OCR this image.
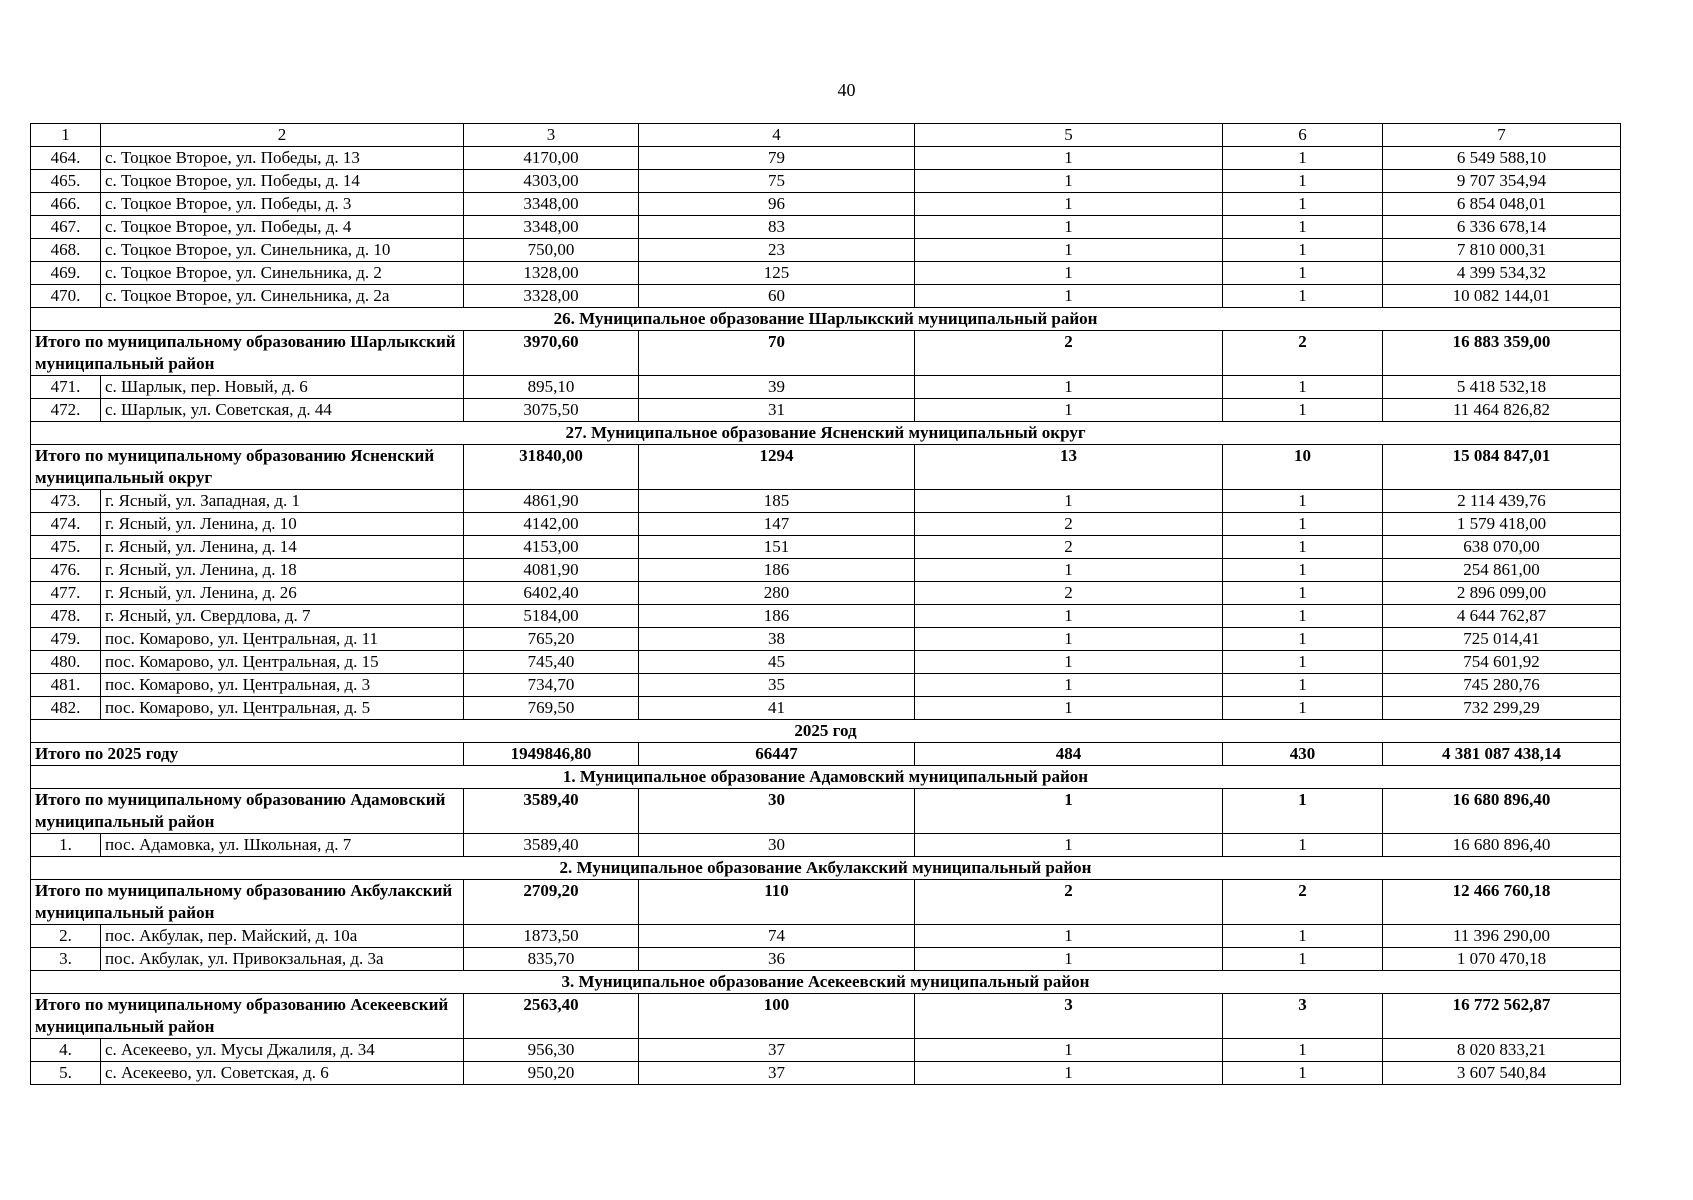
40
1	2	3	4	5	6	7
464.	с. Тоцкое Второе, ул. Победы, д. 13	4170,00	79	1	1	6 549 588,10
465.	с. Тоцкое Второе, ул. Победы, д. 14	4303,00	75	1	1	9 707 354,94
466.	с. Тоцкое Второе, ул. Победы, д. 3	3348,00	96	1	1	6 854 048,01
467.	с. Тоцкое Второе, ул. Победы, д. 4	3348,00	83	1	1	6 336 678,14
468.	с. Тоцкое Второе, ул. Синельника, д. 10	750,00	23	1	1	7 810 000,31
469.	с. Тоцкое Второе, ул. Синельника, д. 2	1328,00	125	1	1	4 399 534,32
470.	с. Тоцкое Второе, ул. Синельника, д. 2а	3328,00	60	1	1	10 082 144,01
26. Муниципальное образование Шарлыкский муниципальный район						
Итого по муниципальному образованию Шарлыкский муниципальный район		3970,60	70	2	2	16 883 359,00
471.	с. Шарлык, пер. Новый, д. 6	895,10	39	1	1	5 418 532,18
472.	с. Шарлык, ул. Советская, д. 44	3075,50	31	1	1	11 464 826,82
27. Муниципальное образование Ясненский муниципальный округ						
Итого по муниципальному образованию Ясненский муниципальный округ		31840,00	1294	13	10	15 084 847,01
473.	г. Ясный, ул. Западная, д. 1	4861,90	185	1	1	2 114 439,76
474.	г. Ясный, ул. Ленина, д. 10	4142,00	147	2	1	1 579 418,00
475.	г. Ясный, ул. Ленина, д. 14	4153,00	151	2	1	638 070,00
476.	г. Ясный, ул. Ленина, д. 18	4081,90	186	1	1	254 861,00
477.	г. Ясный, ул. Ленина, д. 26	6402,40	280	2	1	2 896 099,00
478.	г. Ясный, ул. Свердлова, д. 7	5184,00	186	1	1	4 644 762,87
479.	пос. Комарово, ул. Центральная, д. 11	765,20	38	1	1	725 014,41
480.	пос. Комарово, ул. Центральная, д. 15	745,40	45	1	1	754 601,92
481.	пос. Комарово, ул. Центральная, д. 3	734,70	35	1	1	745 280,76
482.	пос. Комарово, ул. Центральная, д. 5	769,50	41	1	1	732 299,29
2025 год						
Итого по 2025 году		1949846,80	66447	484	430	4 381 087 438,14
1. Муниципальное образование Адамовский муниципальный район						
Итого по муниципальному образованию Адамовский муниципальный район		3589,40	30	1	1	16 680 896,40
1.	пос. Адамовка, ул. Школьная, д. 7	3589,40	30	1	1	16 680 896,40
2. Муниципальное образование Акбулакский муниципальный район						
Итого по муниципальному образованию Акбулакский муниципальный район		2709,20	110	2	2	12 466 760,18
2.	пос. Акбулак, пер. Майский, д. 10а	1873,50	74	1	1	11 396 290,00
3.	пос. Акбулак, ул. Привокзальная, д. 3а	835,70	36	1	1	1 070 470,18
3. Муниципальное образование Асекеевский муниципальный район						
Итого по муниципальному образованию Асекеевский муниципальный район		2563,40	100	3	3	16 772 562,87
4.	с. Асекеево, ул. Мусы Джалиля, д. 34	956,30	37	1	1	8 020 833,21
5.	с. Асекеево, ул. Советская, д. 6	950,20	37	1	1	3 607 540,84
